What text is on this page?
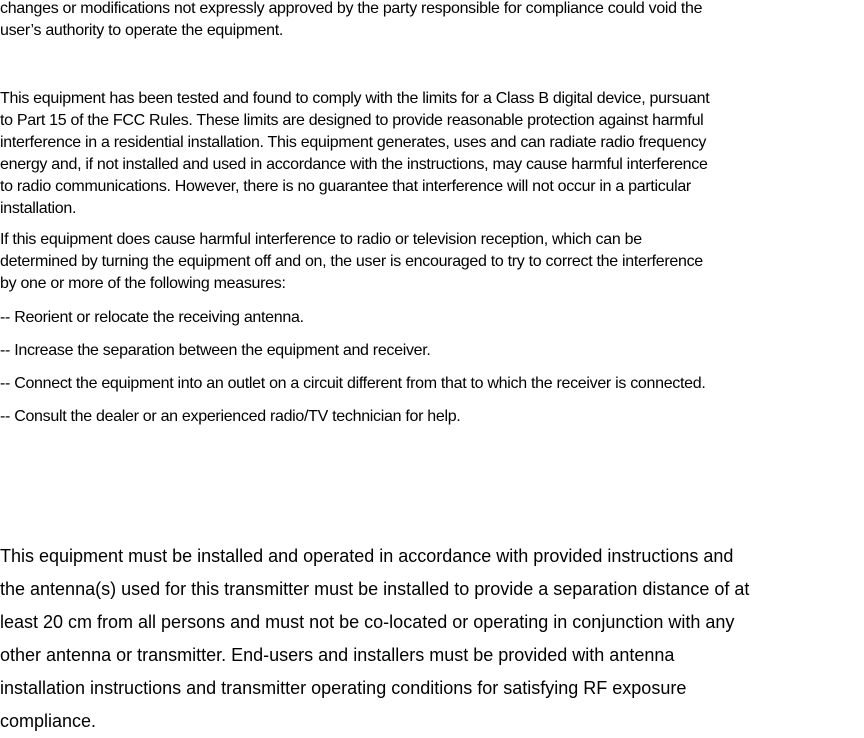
changes or modifications not expressly approved by the party responsible for compliance could void the
user’s authority to operate the equipment.

This equipment has been tested and found to comply with the limits for a Class B digital device, pursuant
to Part 15 of the FCC Rules. These limits are designed to provide reasonable protection against harmful
interference in a residential installation. This equipment generates, uses and can radiate radio frequency
energy and, if not installed and used in accordance with the instructions, may cause harmful interference
to radio communications. However, there is no guarantee that interference will not occur in a particular
installation.

If this equipment does cause harmful interference to radio or television reception, which can be
determined by turning the equipment off and on, the user is encouraged to try to correct the interference
by one or more of the following measures:

-- Reorient or relocate the receiving antenna.

-- Increase the separation between the equipment and receiver.

-- Connect the equipment into an outlet on a circuit different from that to which the receiver is connected.

-- Consult the dealer or an experienced radio/TV technician for help.

This equipment must be installed and operated in accordance with provided instructions and
the antenna(s) used for this transmitter must be installed to provide a separation distance of at
least 20 cm from all persons and must not be co-located or operating in conjunction with any
other antenna or transmitter. End-users and installers must be provided with antenna
installation instructions and transmitter operating conditions for satisfying RF exposure
compliance.
